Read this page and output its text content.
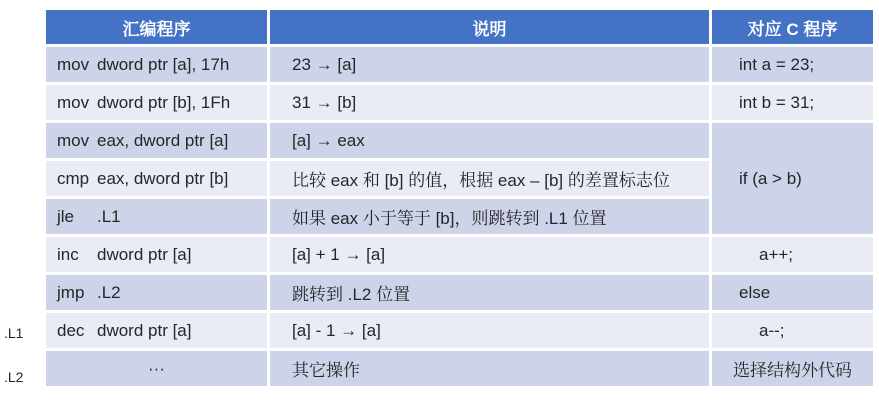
.L1
.L2
汇编程序	说明	对应 C 程序
mov dword ptr [a], 17h	23 → [a]	int a = 23;
mov dword ptr [b], 1Fh	31 → [b]	int b = 31;
mov eax, dword ptr [a]	[a] → eax	if (a > b)
cmp eax, dword ptr [b]	比较 eax 和 [b] 的值，根据 eax – [b] 的差置标志位	
jle .L1	如果 eax 小于等于 [b]，则跳转到 .L1 位置	
inc dword ptr [a]	[a] + 1 → [a]	a++;
jmp .L2	跳转到 .L2 位置	else
dec dword ptr [a]	[a] - 1 → [a]	a--;
···	其它操作	选择结构外代码
